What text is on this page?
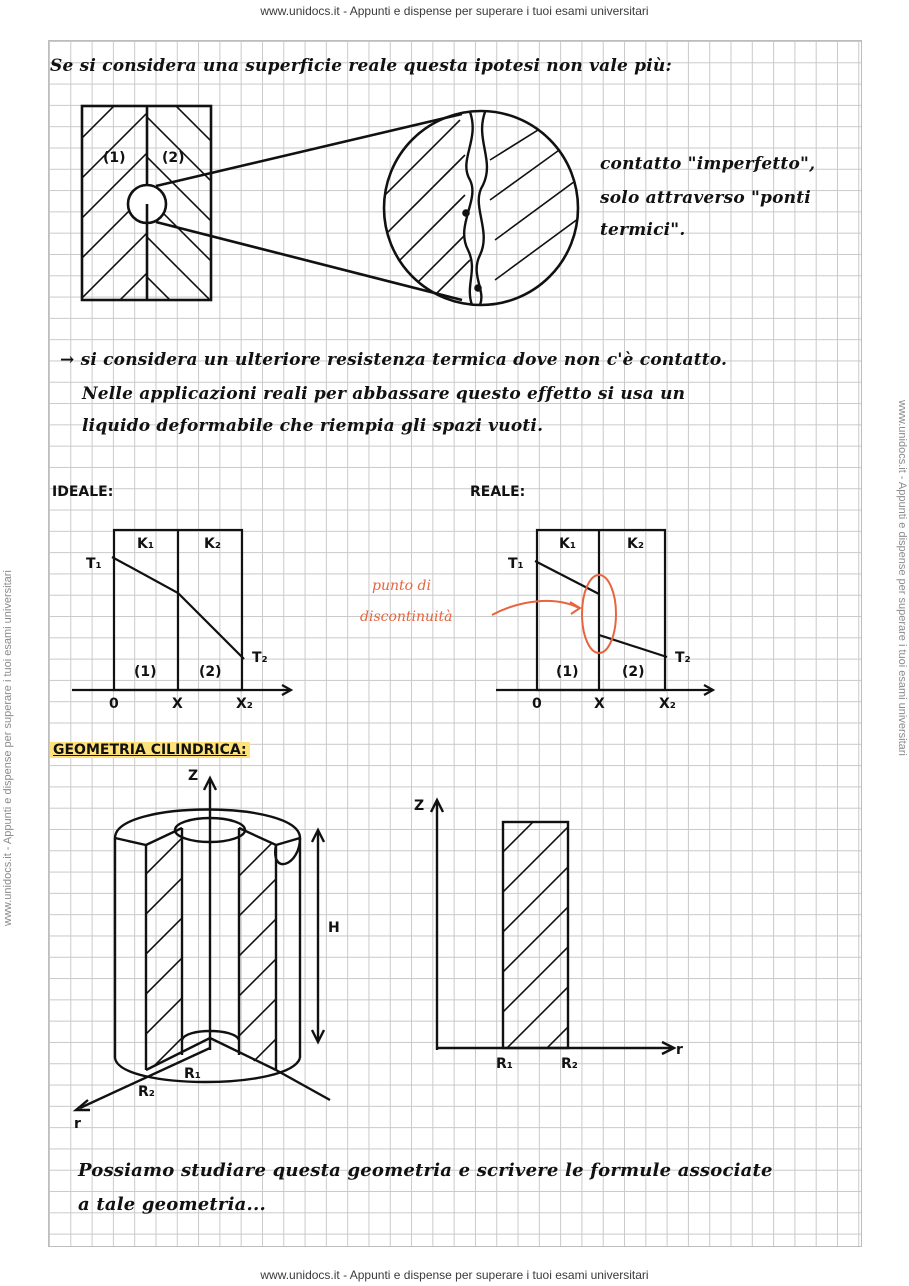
www.unidocs.it - Appunti e dispense per superare i tuoi esami universitari
www.unidocs.it - Appunti e dispense per superare i tuoi esami universitari
www.unidocs.it - Appunti e dispense per superare i tuoi esami universitari	www.unidocs.it - Appunti e dispense per superare i tuoi esami universitari
Se si considera una superficie reale questa ipotesi non vale più:
(1)	(2)	contatto "imperfetto",
solo attraverso "ponti
termici".
→ si considera un ulteriore resistenza termica dove non c'è contatto.
Nelle applicazioni reali per abbassare questo effetto si usa un
liquido deformabile che riempia gli spazi vuoti.
IDEALE:
K₁	K₂
T₁
T₂
(1)	(2)
0	X	X₂
REALE:
K₁	K₂
T₁
T₂
(1)	(2)
0	X	X₂
punto di
discontinuità
GEOMETRIA CILINDRICA:
Z
H
R₁
R₂
r
Z
R₁	R₂
r
Possiamo studiare questa geometria e scrivere le formule associate
a tale geometria...
